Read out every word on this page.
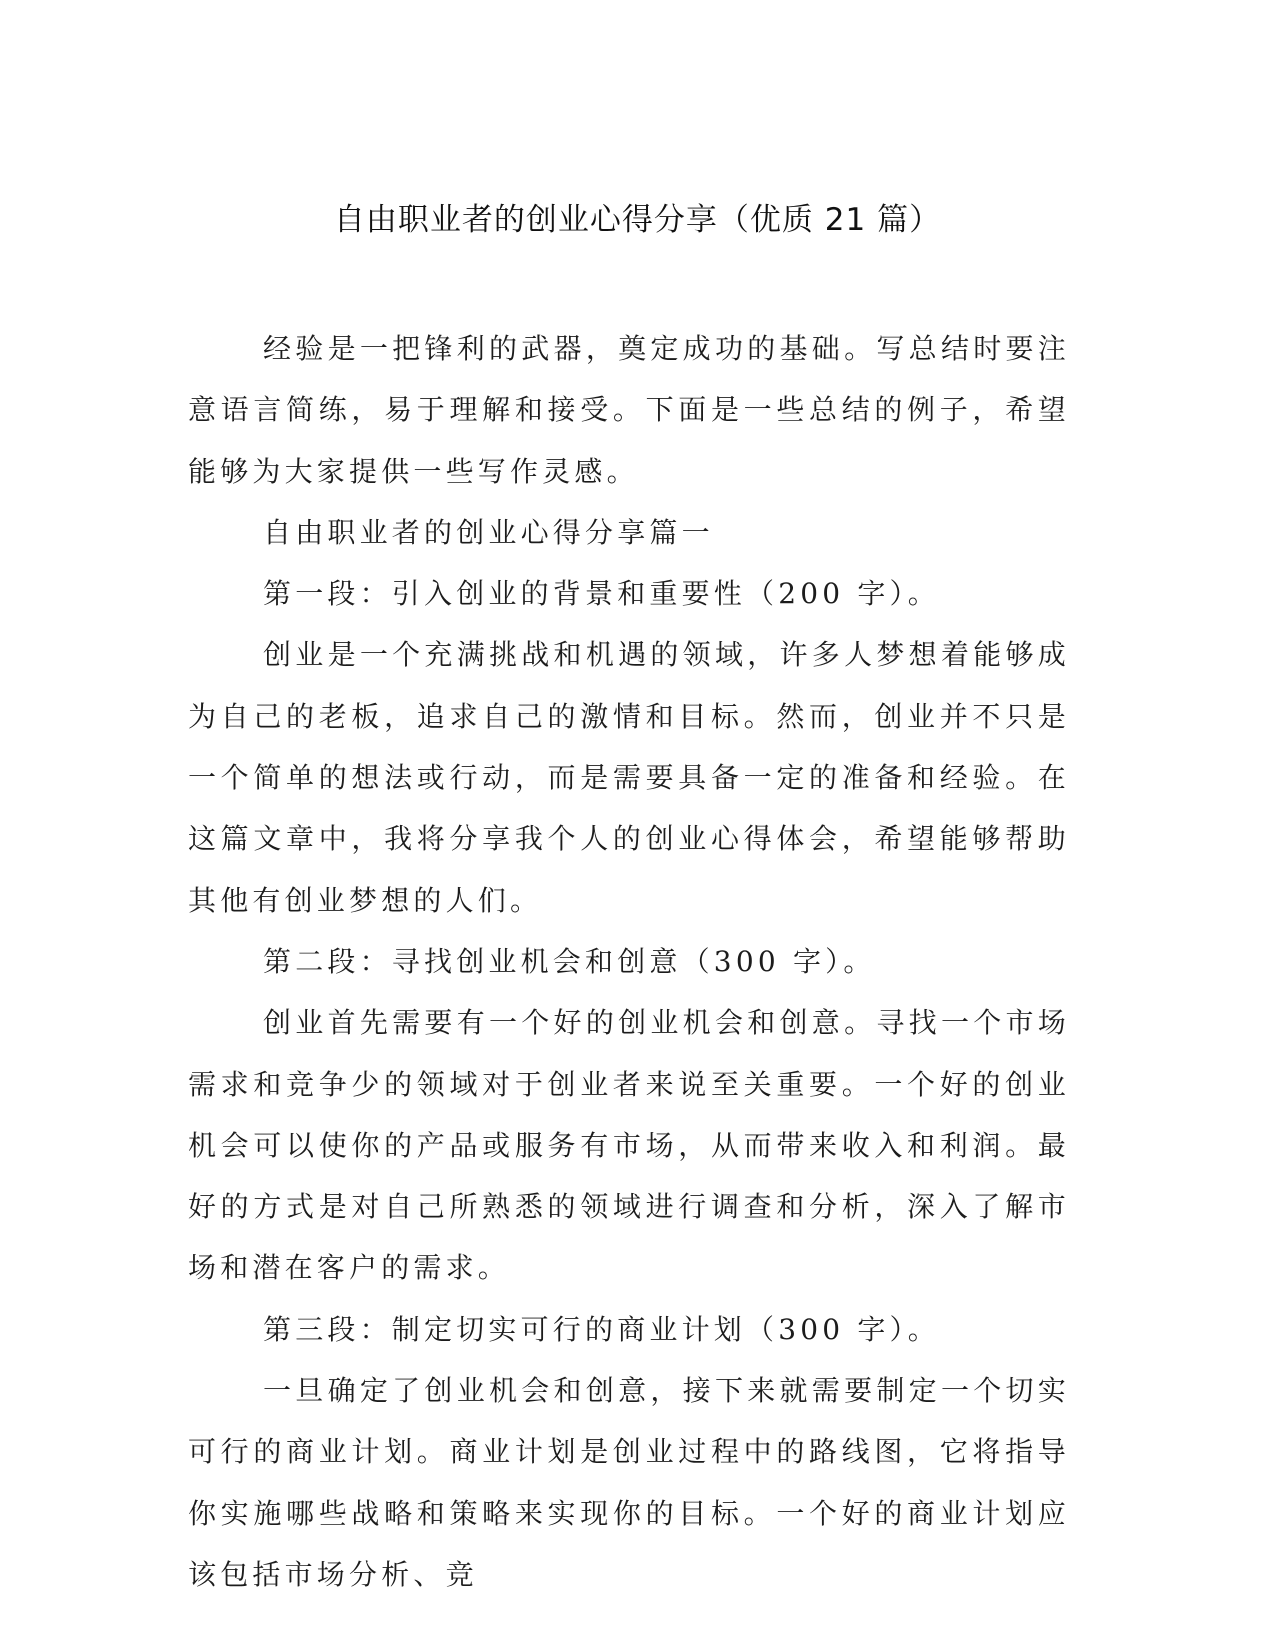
自由职业者的创业心得分享（优质 21 篇）

经验是一把锋利的武器，奠定成功的基础。写总结时要注意语言简练，易于理解和接受。下面是一些总结的例子，希望能够为大家提供一些写作灵感。

自由职业者的创业心得分享篇一

第一段：引入创业的背景和重要性（200 字）。

创业是一个充满挑战和机遇的领域，许多人梦想着能够成为自己的老板，追求自己的激情和目标。然而，创业并不只是一个简单的想法或行动，而是需要具备一定的准备和经验。在这篇文章中，我将分享我个人的创业心得体会，希望能够帮助其他有创业梦想的人们。

第二段：寻找创业机会和创意（300 字）。

创业首先需要有一个好的创业机会和创意。寻找一个市场需求和竞争少的领域对于创业者来说至关重要。一个好的创业机会可以使你的产品或服务有市场，从而带来收入和利润。最好的方式是对自己所熟悉的领域进行调查和分析，深入了解市场和潜在客户的需求。

第三段：制定切实可行的商业计划（300 字）。

一旦确定了创业机会和创意，接下来就需要制定一个切实可行的商业计划。商业计划是创业过程中的路线图，它将指导你实施哪些战略和策略来实现你的目标。一个好的商业计划应该包括市场分析、竞
